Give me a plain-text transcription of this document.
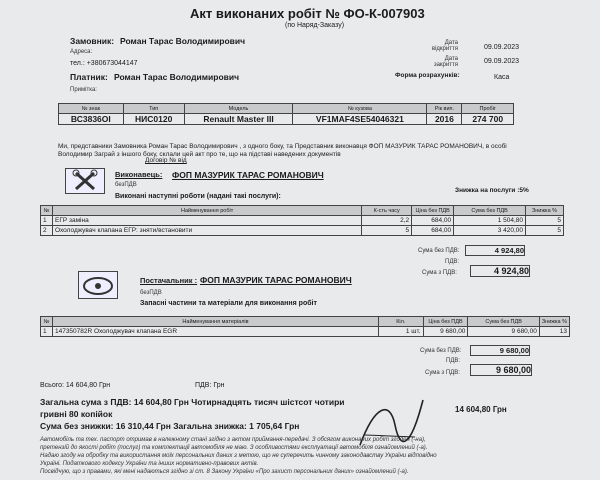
Акт виконаних робіт № ФО-К-007903
(по Наряд-Заказу)
Замовник: Роман Тарас Володимирович
Адреса:
тел.: +380673044147
Дата відкриття	09.09.2023
Дата закриття	09.09.2023
Форма розрахунків:	Каса
Платник: Роман Тарас Володимирович
Примітка:
№ знак	Тип	Модель	№ кузова	Рік вип.	Пробіг
ВС3836ОІ	НИС0120	Renault Master III	VF1MAF4SE54046321	2016	274 700
Ми, представники Замовника Роман Тарас Володимирович , з одного боку, та Представник виконавця ФОП МАЗУРИК ТАРАС РОМАНОВИЧ, в особі Володимир Заграй з іншого боку, склали цей акт про те, що на підставі наведених документів
Договір № від
Виконавець: ФОП МАЗУРИК ТАРАС РОМАНОВИЧ
безПДВ
Виконані наступні роботи (надані такі послуги):
Знижка на послуги :5%
№	Найменування робіт	К-сть часу	Ціна без ПДВ	Сума без ПДВ	Знижка %
1	ЕГР заміна	2,2	684,00	1 504,80	5
2	Охолоджувач клапана ЕГР: зняти/встановити	5	684,00	3 420,00	5
Сума без ПДВ:	4 924,80
ПДВ:
Сума з ПДВ:	4 924,80
Постачальник : ФОП МАЗУРИК ТАРАС РОМАНОВИЧ
безПДВ
Запасні частини та матеріали для виконання робіт
№	Найменування матеріалів	Кіл.	Ціна без ПДВ	Сума без ПДВ	Знижка %
1	147350782R Охолоджувач клапана EGR	1 шт.	9 680,00	9 680,00	13
Сума без ПДВ:	9 680,00
ПДВ:
Сума з ПДВ:	9 680,00
Всього: 14 604,80 Грн	ПДВ: Грн
Загальна сума з ПДВ: 14 604,80 Грн Чотирнадцять тисяч шістсот чотири
гривні 80 копійок	14 604,80 Грн
Сума без знижки: 16 310,44 Грн Загальна знижка: 1 705,64 Грн
Автомобіль та тех. паспорт отримав в належному стані згідно з актом приймання-передачі. З обсягом виконаних робіт згоден (-на),
претензій до якості робіт (послуг) та комплектації автомобіля не маю. З особливостями експлуатації автомобіля ознайомлений (-а).
Надаю згоду на обробку та використання моїх персональних даних з метою, що не суперечить чинному законодавству України відповідно
Україні. Податкового кодексу України та інших нормативно-правових актів.
Посвідчую, що з правами, які мені надаються згідно зі ст. 8 Закону України «Про захист персональних даних» ознайомлений (-а).
